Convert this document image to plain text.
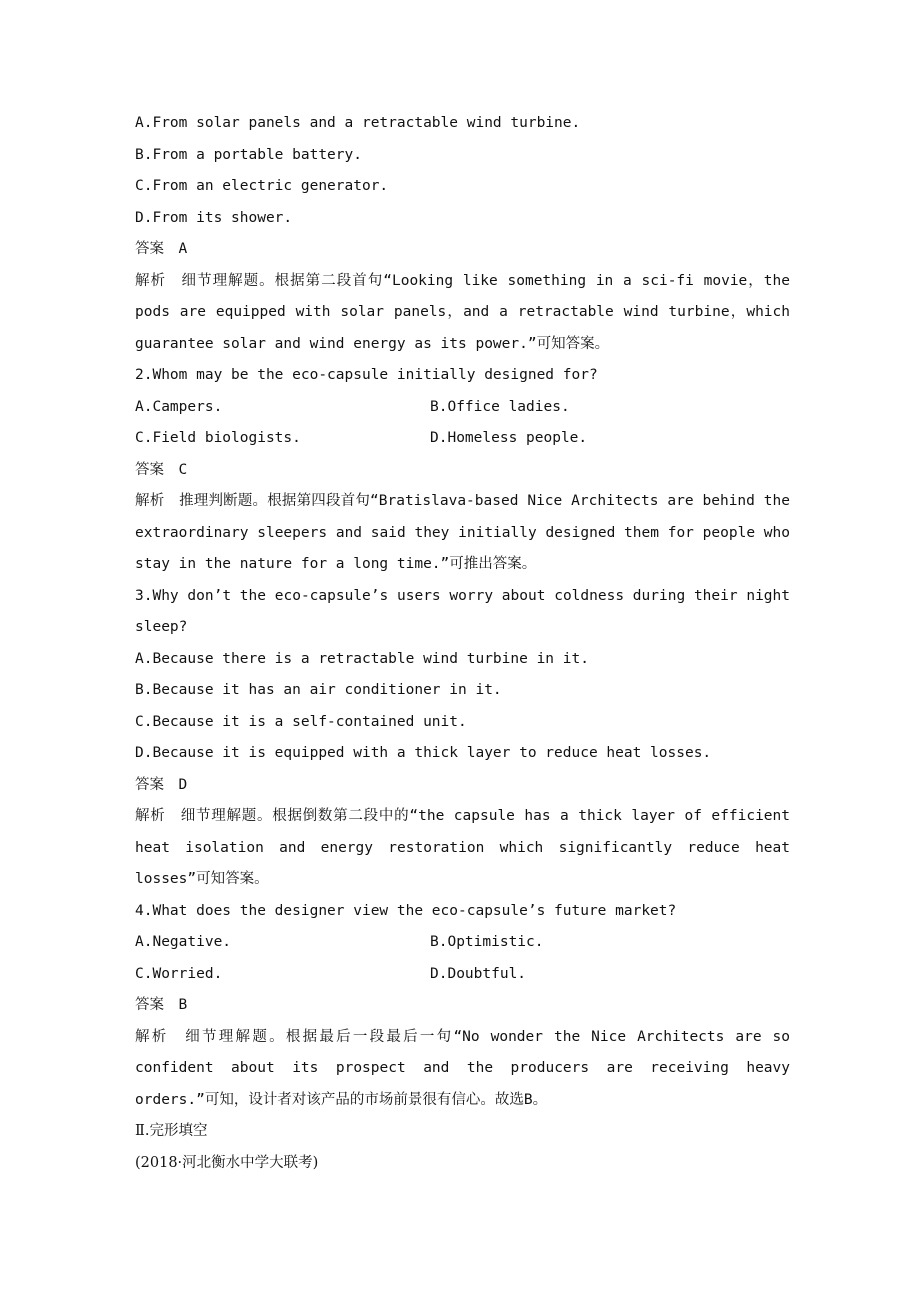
A.From solar panels and a retractable wind turbine.

B.From a portable battery.

C.From an electric generator.

D.From its shower.

答案　A

解析　细节理解题。根据第二段首句“Looking like something in a sci-fi movie，the pods are equipped with solar panels，and a retractable wind turbine，which guarantee solar and wind energy as its power.”可知答案。

2.Whom may be the eco-capsule initially designed for?

A.Campers.	B.Office ladies.

C.Field biologists.	D.Homeless people.

答案　C

解析　推理判断题。根据第四段首句“Bratislava-based Nice Architects are behind the extraordinary sleepers and said they initially designed them for people who stay in the nature for a long time.”可推出答案。

3.Why don’t the eco-capsule’s users worry about coldness during their night sleep?

A.Because there is a retractable wind turbine in it.

B.Because it has an air conditioner in it.

C.Because it is a self-contained unit.

D.Because it is equipped with a thick layer to reduce heat losses.

答案　D

解析　细节理解题。根据倒数第二段中的“the capsule has a thick layer of efficient heat isolation and energy restoration which significantly reduce heat losses”可知答案。

4.What does the designer view the eco-capsule’s future market?

A.Negative.	B.Optimistic.

C.Worried.	D.Doubtful.

答案　B

解析　细节理解题。根据最后一段最后一句“No wonder the Nice Architects are so confident about its prospect and the producers are receiving heavy orders.”可知，设计者对该产品的市场前景很有信心。故选B。

Ⅱ.完形填空

(2018·河北衡水中学大联考)
